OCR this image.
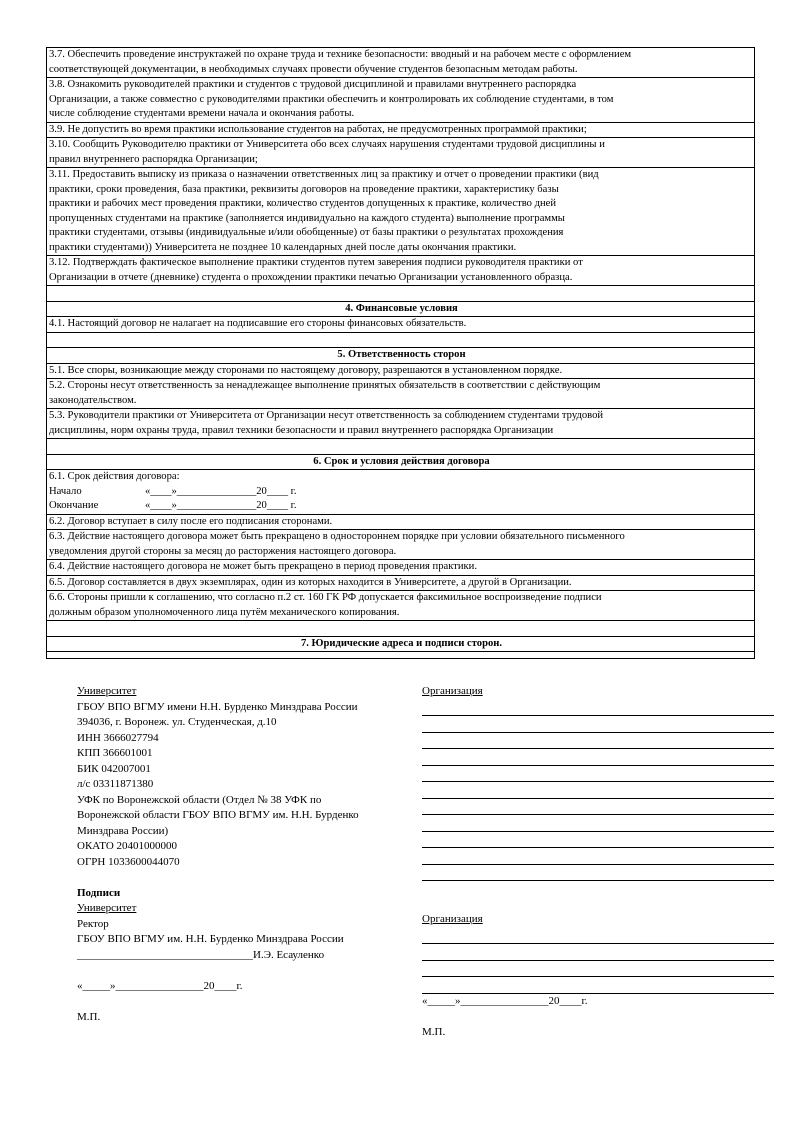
3.7. Обеспечить проведение инструктажей по охране труда и технике безопасности: вводный и на рабочем месте с оформлением
соответствующей документации, в необходимых случаях провести обучение студентов безопасным методам работы.
3.8. Ознакомить руководителей практики и студентов с трудовой дисциплиной и правилами внутреннего распорядка
Организации, а также совместно с руководителями практики обеспечить и контролировать их соблюдение студентами, в том
числе соблюдение студентами времени начала и окончания работы.
3.9. Не допустить во время практики использование студентов на работах, не предусмотренных программой практики;
3.10. Сообщить Руководителю практики от Университета обо всех случаях нарушения студентами трудовой дисциплины и
правил внутреннего распорядка Организации;
3.11. Предоставить выписку из приказа о назначении ответственных лиц за практику и отчет о проведении практики (вид
практики, сроки проведения, база практики, реквизиты договоров на проведение практики, характеристику базы
практики и рабочих мест проведения практики, количество студентов допущенных к практике, количество дней
пропущенных студентами на практике (заполняется индивидуально на каждого студента) выполнение программы
практики студентами, отзывы (индивидуальные и/или обобщенные) от базы практики о результатах прохождения
практики студентами)) Университета не позднее 10 календарных дней после даты окончания практики.
3.12. Подтверждать фактическое выполнение практики студентов путем заверения подписи руководителя практики от
Организации в отчете (дневнике) студента о прохождении практики печатью Организации установленного образца.
4. Финансовые условия
4.1. Настоящий договор не налагает на подписавшие его стороны финансовых обязательств.
5. Ответственность сторон
5.1. Все споры, возникающие между сторонами по настоящему договору, разрешаются в установленном порядке.
5.2. Стороны несут ответственность за ненадлежащее выполнение принятых обязательств в соответствии с действующим
законодательством.
5.3. Руководители практики от Университета от Организации несут ответственность за соблюдением студентами трудовой
дисциплины, норм охраны труда, правил техники безопасности и правил внутреннего распорядка Организации
6. Срок и условия действия договора
6.1. Срок действия договора:
Начало	«____»_______________20____ г.
Окончание	«____»_______________20____ г.
6.2. Договор вступает в силу после его подписания сторонами.
6.3. Действие настоящего договора может быть прекращено в одностороннем порядке при условии обязательного письменного
уведомления другой стороны за месяц до расторжения настоящего договора.
6.4. Действие настоящего договора не может быть прекращено в период проведения практики.
6.5. Договор составляется в двух экземплярах, один из которых находится в Университете, а другой в Организации.
6.6. Стороны пришли к соглашению, что согласно п.2 ст. 160 ГК РФ допускается факсимильное воспроизведение подписи
должным образом уполномоченного лица путём механического копирования.
7. Юридические адреса и подписи сторон.
Университет
ГБОУ ВПО ВГМУ имени Н.Н. Бурденко Минздрава России
394036, г. Воронеж. ул. Студенческая, д.10
ИНН 3666027794
КПП 366601001
БИК 042007001
л/с 03311871380
УФК по Воронежской области (Отдел № 38 УФК по
Воронежской области ГБОУ ВПО ВГМУ им. Н.Н. Бурденко
Минздрава России)
ОКАТО 20401000000
ОГРН 1033600044070
Подписи
Университет
Ректор
ГБОУ ВПО ВГМУ им. Н.Н. Бурденко Минздрава России
________________________________И.Э. Есауленко
«_____»________________20____г.
М.П.
Организация
Организация
«_____»________________20____г.
М.П.
